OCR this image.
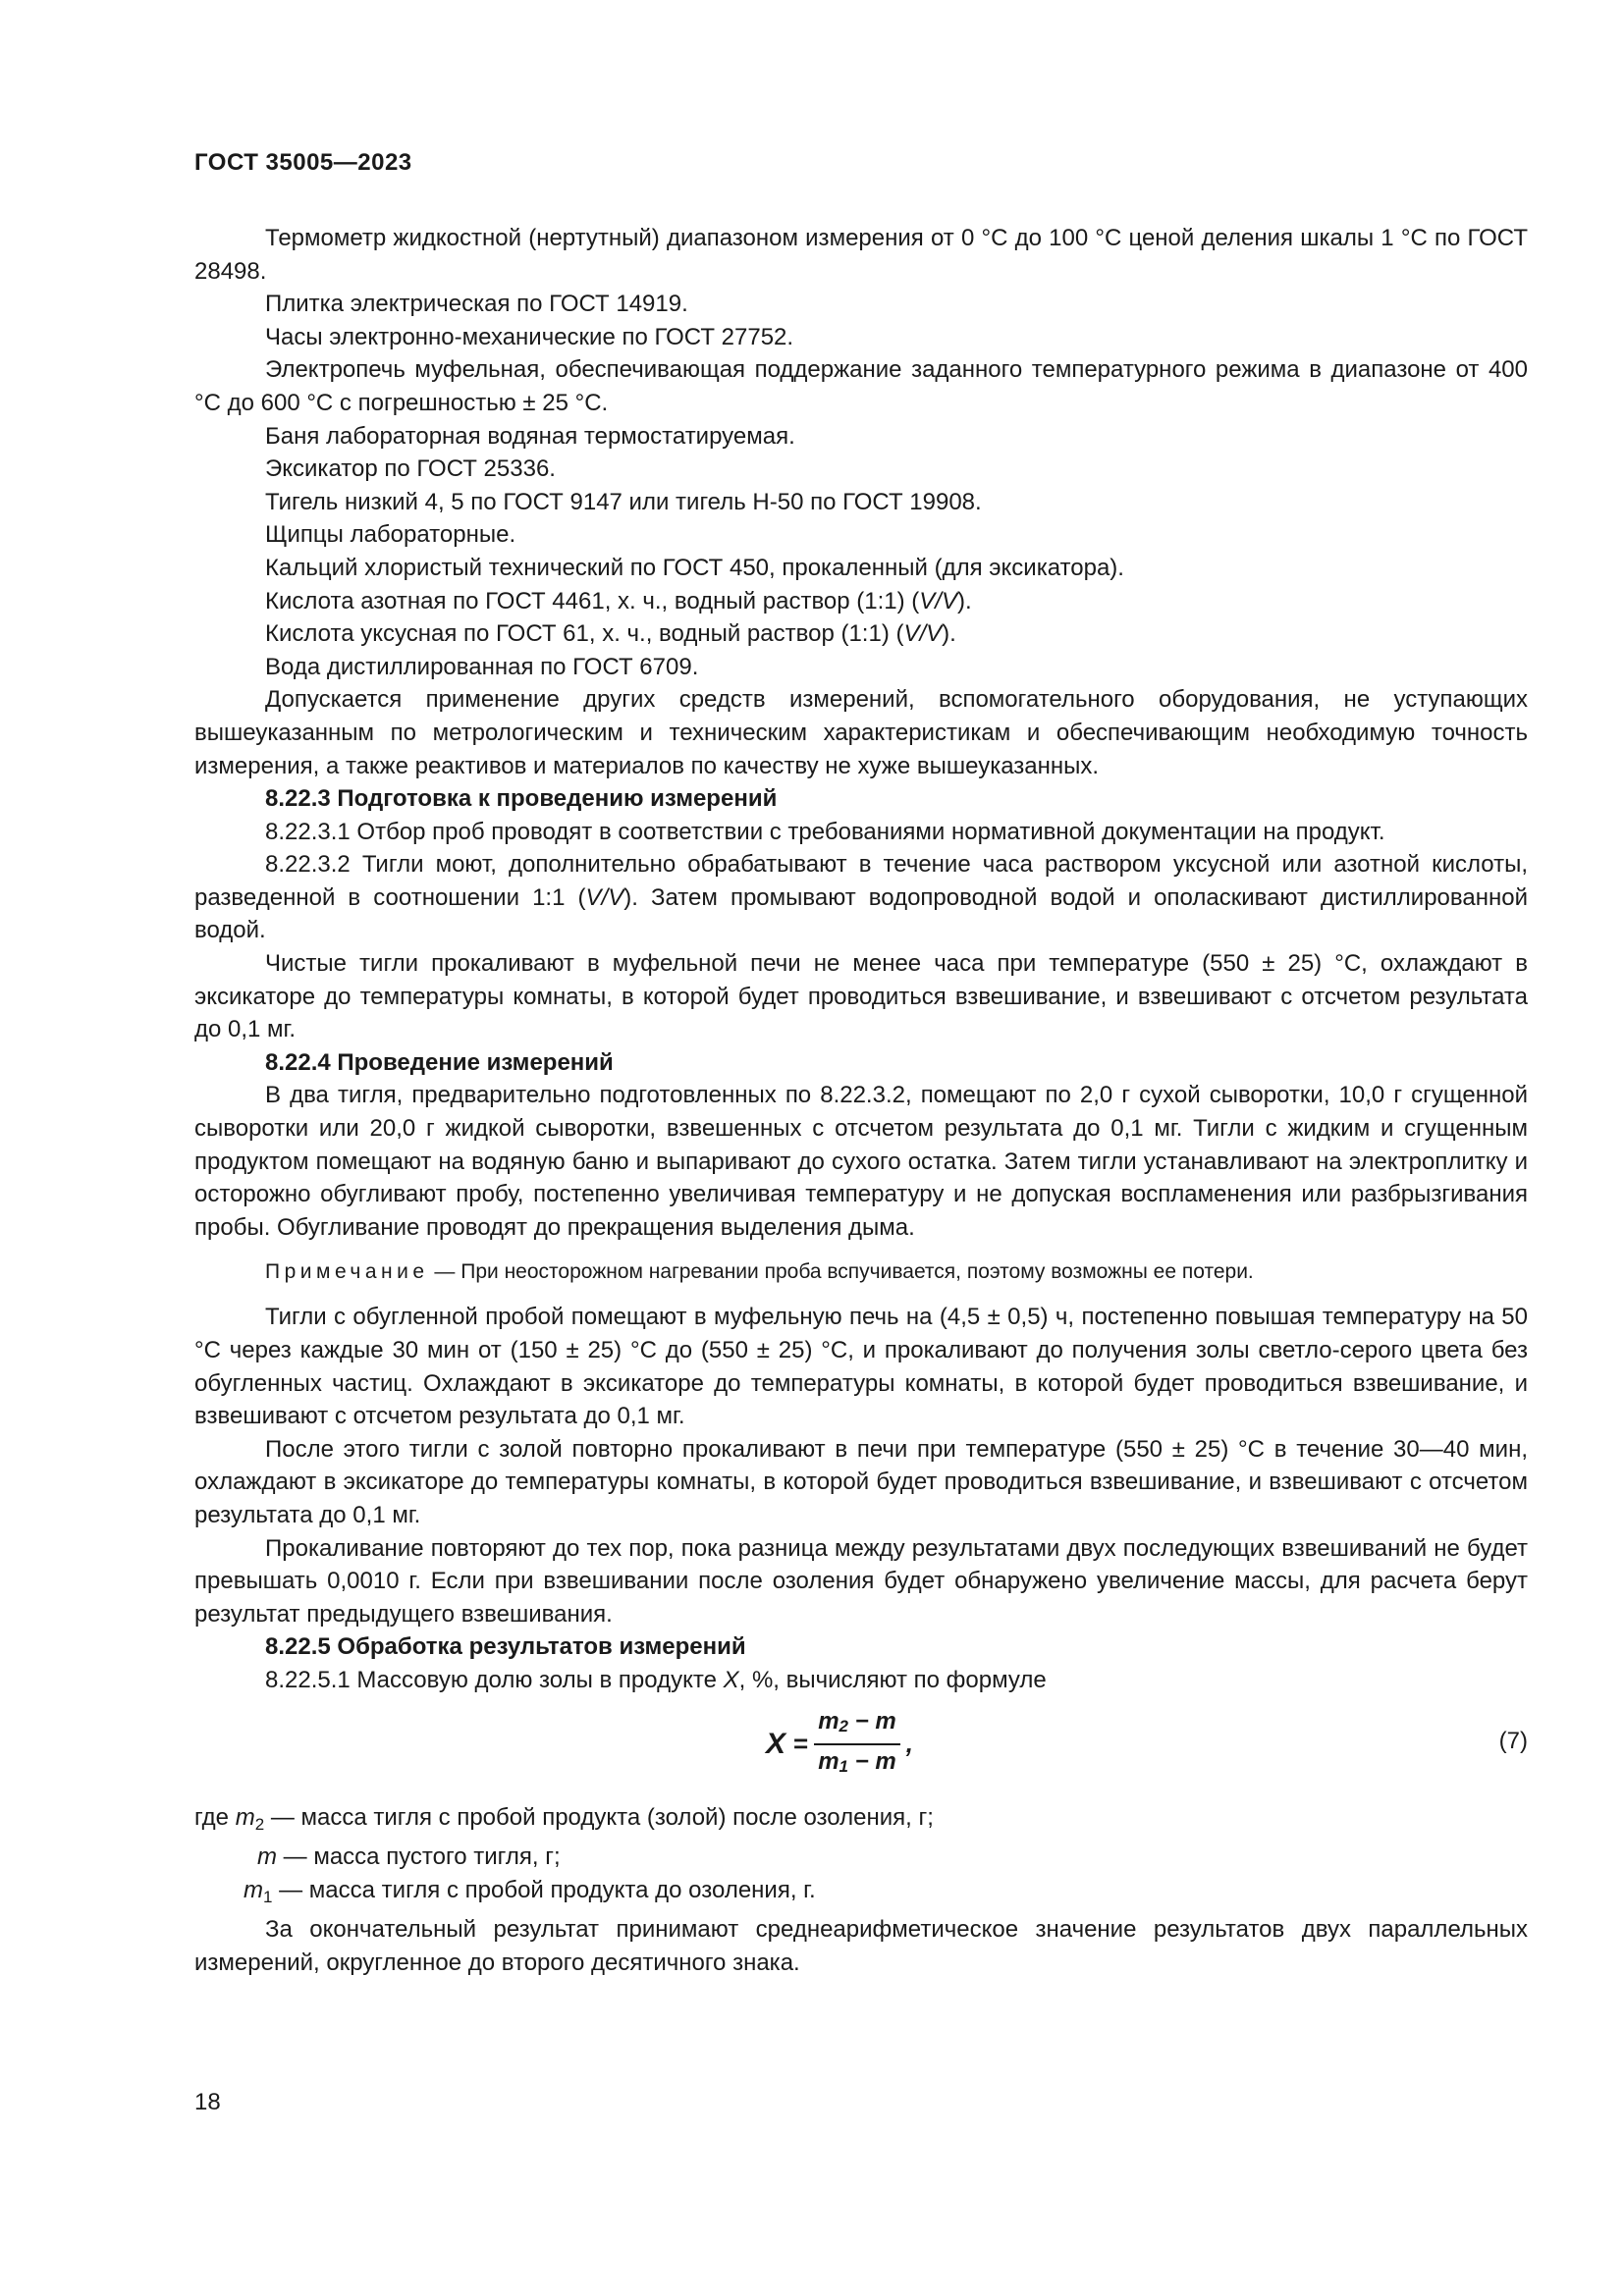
ГОСТ 35005—2023

Термометр жидкостной (нертутный) диапазоном измерения от 0 °С до 100 °С ценой деления шкалы 1 °С по ГОСТ 28498.

Плитка электрическая по ГОСТ 14919.

Часы электронно-механические по ГОСТ 27752.

Электропечь муфельная, обеспечивающая поддержание заданного температурного режима в диапазоне от 400 °С до 600 °С с погрешностью ± 25 °С.

Баня лабораторная водяная термостатируемая.

Эксикатор по ГОСТ 25336.

Тигель низкий 4, 5 по ГОСТ 9147 или тигель Н-50 по ГОСТ 19908.

Щипцы лабораторные.

Кальций хлористый технический по ГОСТ 450, прокаленный (для эксикатора).

Кислота азотная по ГОСТ 4461, х. ч., водный раствор (1:1) (V/V).

Кислота уксусная по ГОСТ 61, х. ч., водный раствор (1:1) (V/V).

Вода дистиллированная по ГОСТ 6709.

Допускается применение других средств измерений, вспомогательного оборудования, не уступающих вышеуказанным по метрологическим и техническим характеристикам и обеспечивающим необходимую точность измерения, а также реактивов и материалов по качеству не хуже вышеуказанных.

8.22.3 Подготовка к проведению измерений

8.22.3.1 Отбор проб проводят в соответствии с требованиями нормативной документации на продукт.

8.22.3.2 Тигли моют, дополнительно обрабатывают в течение часа раствором уксусной или азотной кислоты, разведенной в соотношении 1:1 (V/V). Затем промывают водопроводной водой и ополаскивают дистиллированной водой.

Чистые тигли прокаливают в муфельной печи не менее часа при температуре (550 ± 25) °С, охлаждают в эксикаторе до температуры комнаты, в которой будет проводиться взвешивание, и взвешивают с отсчетом результата до 0,1 мг.

8.22.4 Проведение измерений

В два тигля, предварительно подготовленных по 8.22.3.2, помещают по 2,0 г сухой сыворотки, 10,0 г сгущенной сыворотки или 20,0 г жидкой сыворотки, взвешенных с отсчетом результата до 0,1 мг. Тигли с жидким и сгущенным продуктом помещают на водяную баню и выпаривают до сухого остатка. Затем тигли устанавливают на электроплитку и осторожно обугливают пробу, постепенно увеличивая температуру и не допуская воспламенения или разбрызгивания пробы. Обугливание проводят до прекращения выделения дыма.

Примечание — При неосторожном нагревании проба вспучивается, поэтому возможны ее потери.

Тигли с обугленной пробой помещают в муфельную печь на (4,5 ± 0,5) ч, постепенно повышая температуру на 50 °С через каждые 30 мин от (150 ± 25) °С до (550 ± 25) °С, и прокаливают до получения золы светло-серого цвета без обугленных частиц. Охлаждают в эксикаторе до температуры комнаты, в которой будет проводиться взвешивание, и взвешивают с отсчетом результата до 0,1 мг.

После этого тигли с золой повторно прокаливают в печи при температуре (550 ± 25) °С в течение 30—40 мин, охлаждают в эксикаторе до температуры комнаты, в которой будет проводиться взвешивание, и взвешивают с отсчетом результата до 0,1 мг.

Прокаливание повторяют до тех пор, пока разница между результатами двух последующих взвешиваний не будет превышать 0,0010 г. Если при взвешивании после озоления будет обнаружено увеличение массы, для расчета берут результат предыдущего взвешивания.

8.22.5 Обработка результатов измерений

8.22.5.1 Массовую долю золы в продукте X, %, вычисляют по формуле

$X = \frac{m_2 - m}{m_1 - m}$ ,	(7)

где $m_2$ — масса тигля с пробой продукта (золой) после озоления, г;

m — масса пустого тигля, г;

$m_1$ — масса тигля с пробой продукта до озоления, г.

За окончательный результат принимают среднеарифметическое значение результатов двух параллельных измерений, округленное до второго десятичного знака.

18
